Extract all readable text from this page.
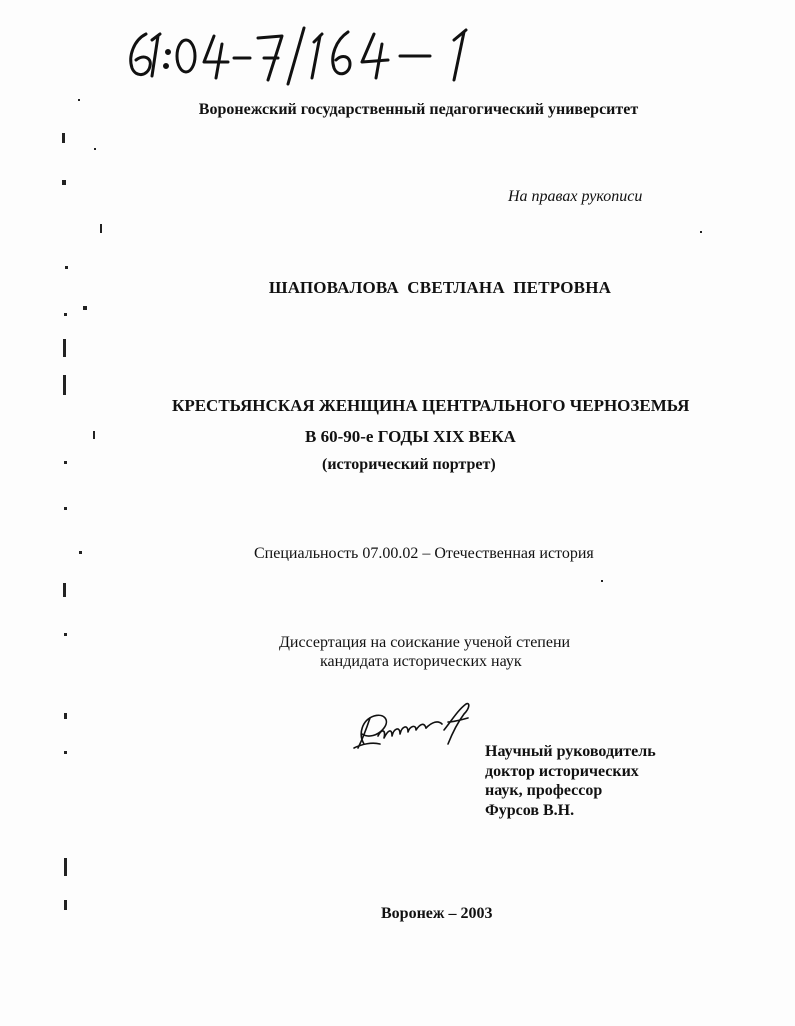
Воронежский государственный педагогический университет
На правах рукописи
ШАПОВАЛОВА СВЕТЛАНА ПЕТРОВНА
КРЕСТЬЯНСКАЯ ЖЕНЩИНА ЦЕНТРАЛЬНОГО ЧЕРНОЗЕМЬЯ
В 60-90-е ГОДЫ XIX ВЕКА
(исторический портрет)
Специальность 07.00.02 – Отечественная история
Диссертация на соискание ученой степени
кандидата исторических наук
Научный руководитель
доктор исторических
наук, профессор
Фурсов В.Н.
Воронеж – 2003
